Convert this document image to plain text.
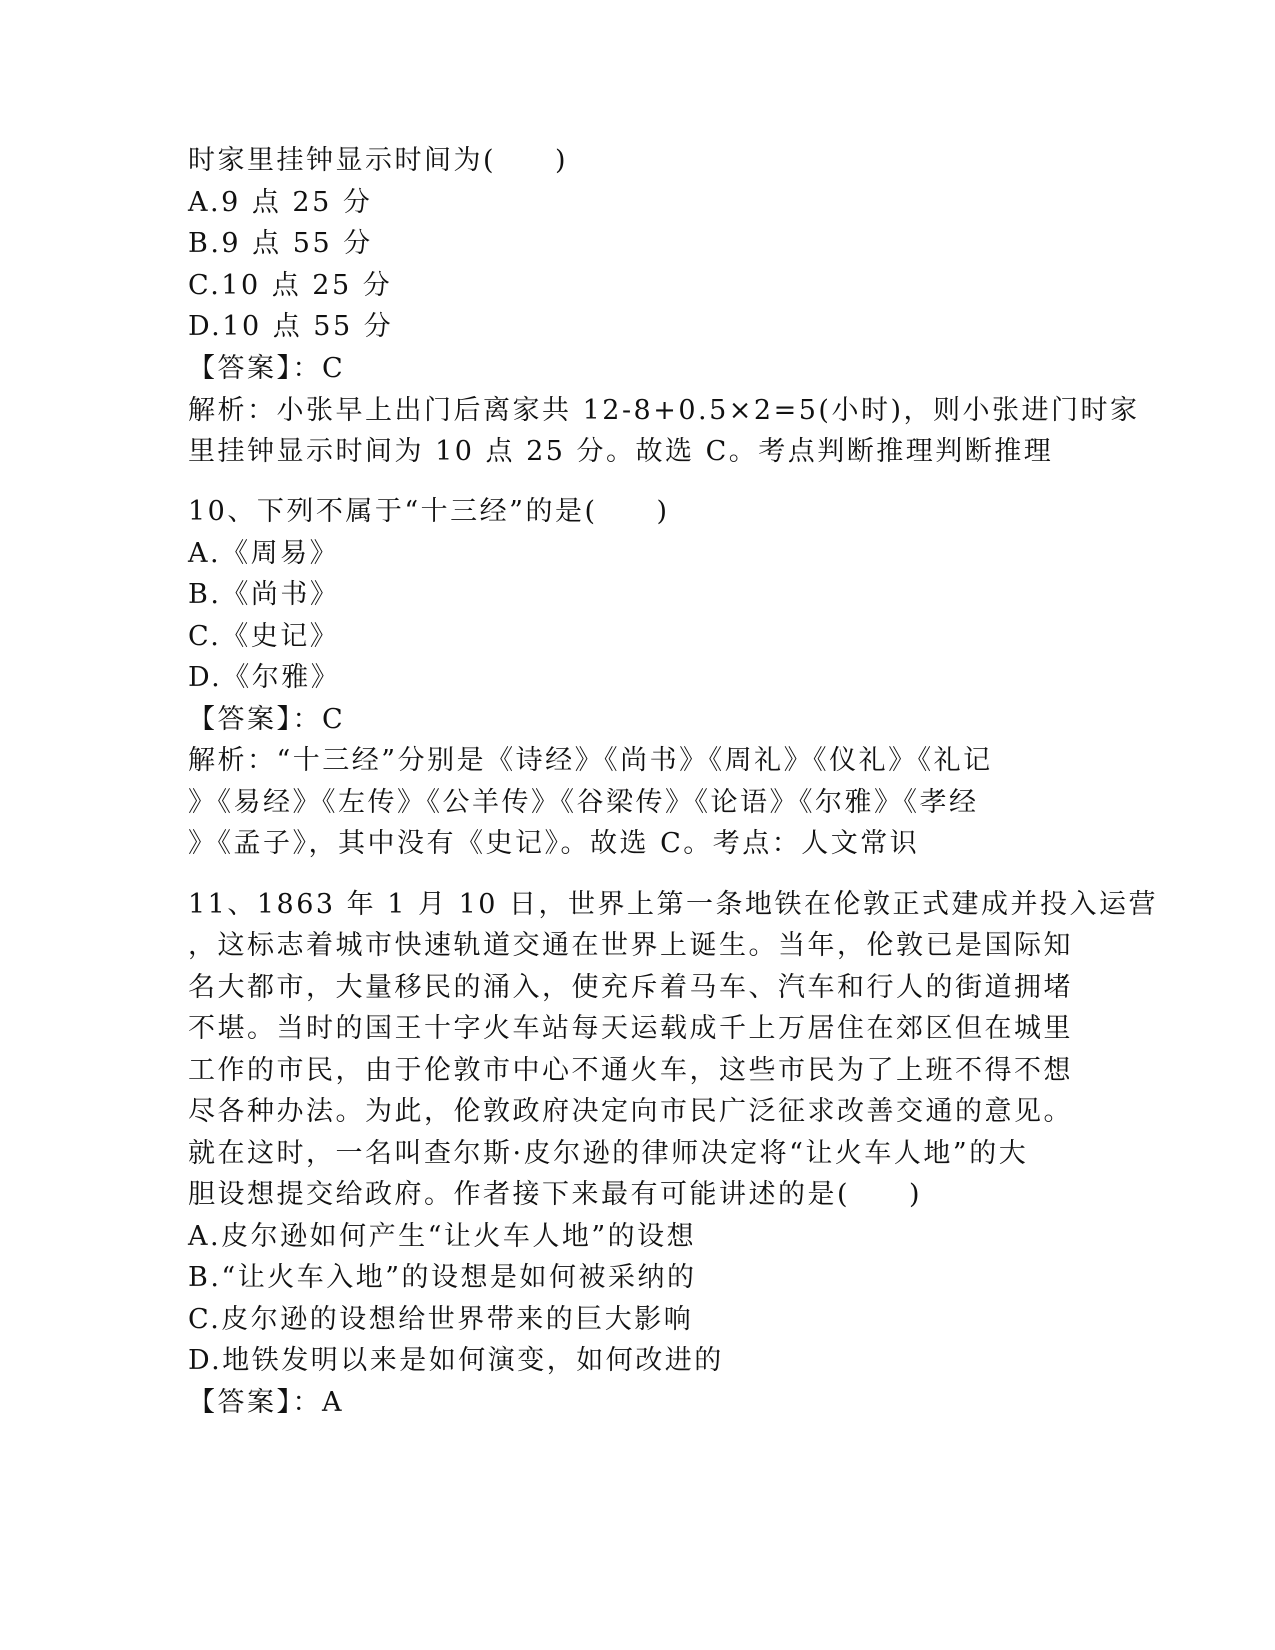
时家里挂钟显示时间为(　　)

A.9 点 25 分

B.9 点 55 分

C.10 点 25 分

D.10 点 55 分

【答案】：C

解析：小张早上出门后离家共 12-8+0.5×2=5(小时)，则小张进门时家

里挂钟显示时间为 10 点 25 分。故选 C。考点判断推理判断推理

10、下列不属于“十三经”的是(　　)

A.《周易》

B.《尚书》

C.《史记》

D.《尔雅》

【答案】：C

解析：“十三经”分别是《诗经》《尚书》《周礼》《仪礼》《礼记

》《易经》《左传》《公羊传》《谷梁传》《论语》《尔雅》《孝经

》《孟子》，其中没有《史记》。故选 C。考点：人文常识

11、1863 年 1 月 10 日，世界上第一条地铁在伦敦正式建成并投入运营

，这标志着城市快速轨道交通在世界上诞生。当年，伦敦已是国际知

名大都市，大量移民的涌入，使充斥着马车、汽车和行人的街道拥堵

不堪。当时的国王十字火车站每天运载成千上万居住在郊区但在城里

工作的市民，由于伦敦市中心不通火车，这些市民为了上班不得不想

尽各种办法。为此，伦敦政府决定向市民广泛征求改善交通的意见。

就在这时，一名叫查尔斯·皮尔逊的律师决定将“让火车人地”的大

胆设想提交给政府。作者接下来最有可能讲述的是(　　)

A.皮尔逊如何产生“让火车人地”的设想

B.“让火车入地”的设想是如何被采纳的

C.皮尔逊的设想给世界带来的巨大影响

D.地铁发明以来是如何演变，如何改进的

【答案】：A
